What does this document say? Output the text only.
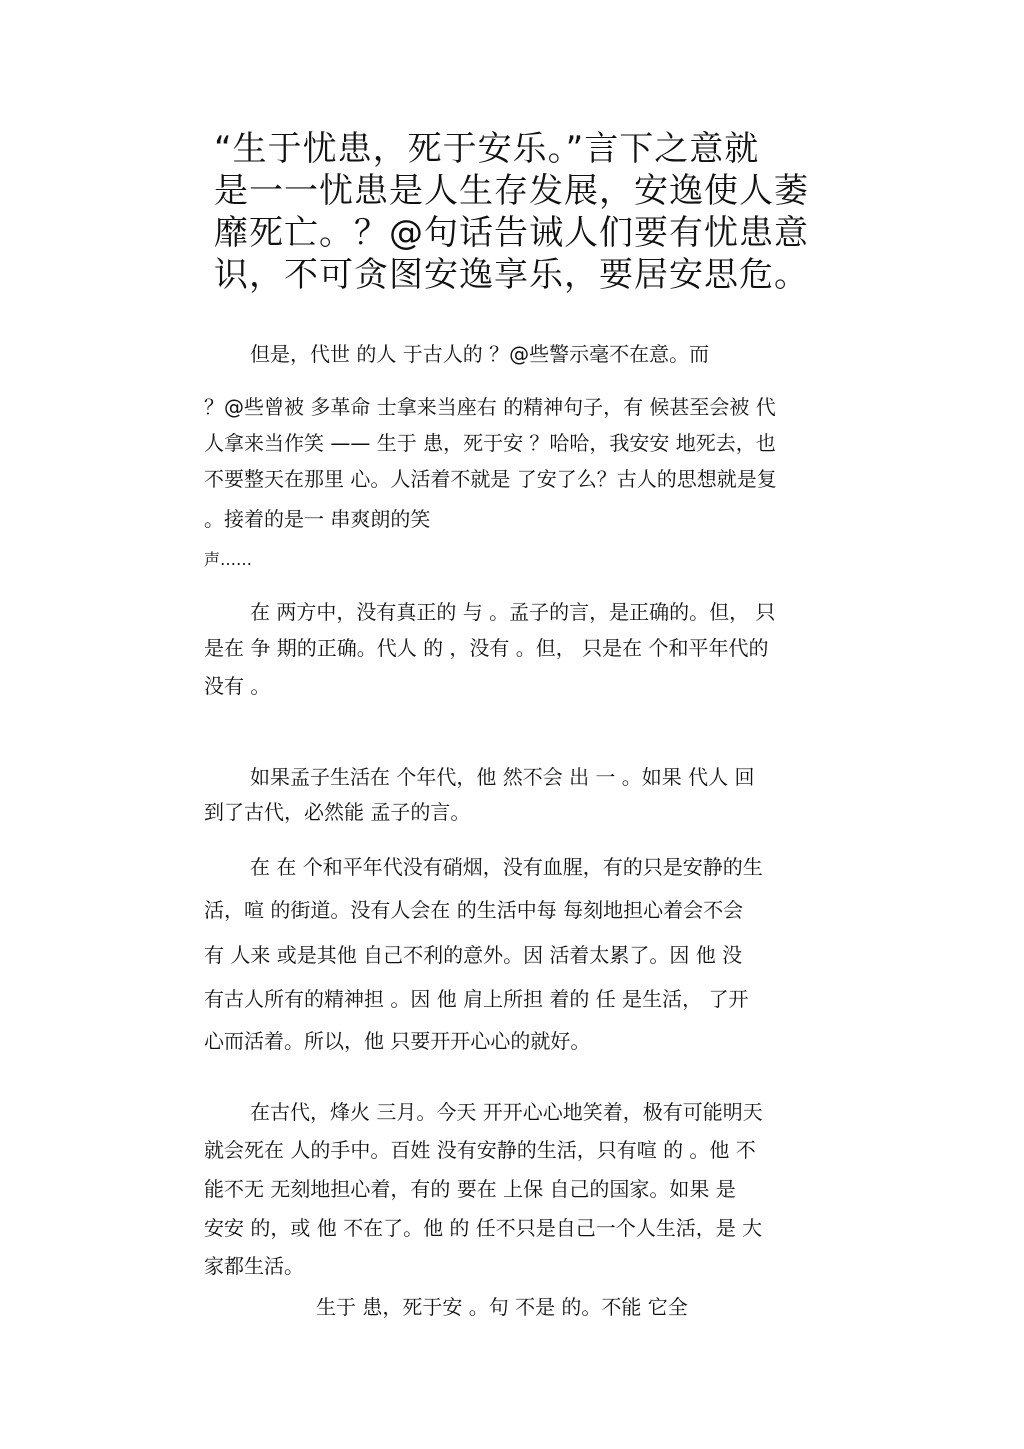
“生于忧患，死于安乐。”言下之意就
是一一忧患是人生存发展，安逸使人萎
靡死亡。？@句话告诫人们要有忧患意
识，不可贪图安逸享乐，要居安思危。
但是，代世 的人 于古人的 ？@些警示毫不在意。而
？@些曾被 多革命 士拿来当座右 的精神句子，有 候甚至会被 代
人拿来当作笑 —— 生于 患，死于安 ？哈哈，我安安 地死去，也
不要整天在那里 心。人活着不就是 了安了么？古人的思想就是复
。接着的是一 串爽朗的笑
声……
在 两方中，没有真正的 与 。孟子的言，是正确的。但， 只
是在 争 期的正确。代人 的 ，没有 。但， 只是在 个和平年代的
没有 。
如果孟子生活在 个年代，他 然不会 出 一 。如果 代人 回
到了古代，必然能 孟子的言。
在 在 个和平年代没有硝烟，没有血腥，有的只是安静的生
活，喧 的街道。没有人会在 的生活中每 每刻地担心着会不会
有 人来 或是其他 自己不利的意外。因 活着太累了。因 他 没
有古人所有的精神担 。因 他 肩上所担 着的 任 是生活， 了开
心而活着。所以，他 只要开开心心的就好。
在古代，烽火 三月。今天 开开心心地笑着，极有可能明天
就会死在 人的手中。百姓 没有安静的生活，只有喧 的 。他 不
能不无 无刻地担心着，有的 要在 上保 自己的国家。如果 是
安安 的，或 他 不在了。他 的 任不只是自己一个人生活，是 大
家都生活。
生于 患，死于安 。句 不是 的。不能 它全
